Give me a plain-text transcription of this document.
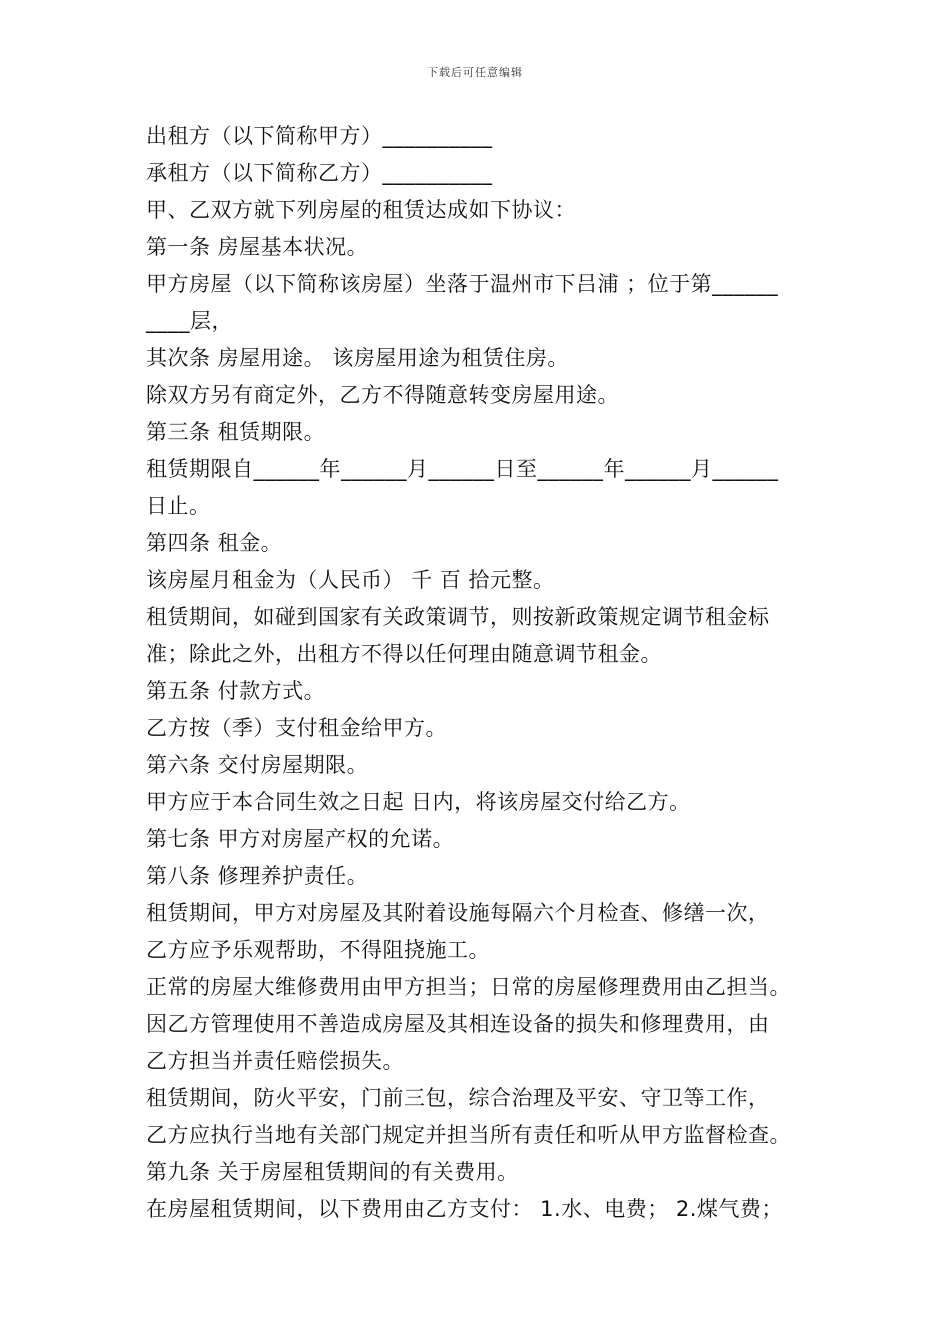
下载后可任意编辑
出租方（以下简称甲方）__________
承租方（以下简称乙方）__________
甲、乙双方就下列房屋的租赁达成如下协议：
第一条 房屋基本状况。
甲方房屋（以下简称该房屋）坐落于温州市下吕浦 ；位于第______
____层，
其次条 房屋用途。 该房屋用途为租赁住房。
除双方另有商定外，乙方不得随意转变房屋用途。
第三条 租赁期限。
租赁期限自______年______月______日至______年______月______
日止。
第四条 租金。
该房屋月租金为（人民币） 千 百 拾元整。
租赁期间，如碰到国家有关政策调节，则按新政策规定调节租金标
准；除此之外，出租方不得以任何理由随意调节租金。
第五条 付款方式。
乙方按（季）支付租金给甲方。
第六条 交付房屋期限。
甲方应于本合同生效之日起 日内，将该房屋交付给乙方。
第七条 甲方对房屋产权的允诺。
第八条 修理养护责任。
租赁期间，甲方对房屋及其附着设施每隔六个月检查、修缮一次，
乙方应予乐观帮助，不得阻挠施工。
正常的房屋大维修费用由甲方担当；日常的房屋修理费用由乙担当。
因乙方管理使用不善造成房屋及其相连设备的损失和修理费用，由
乙方担当并责任赔偿损失。
租赁期间，防火平安，门前三包，综合治理及平安、守卫等工作，
乙方应执行当地有关部门规定并担当所有责任和听从甲方监督检查。
第九条 关于房屋租赁期间的有关费用。
在房屋租赁期间，以下费用由乙方支付： 1.水、电费； 2.煤气费；
